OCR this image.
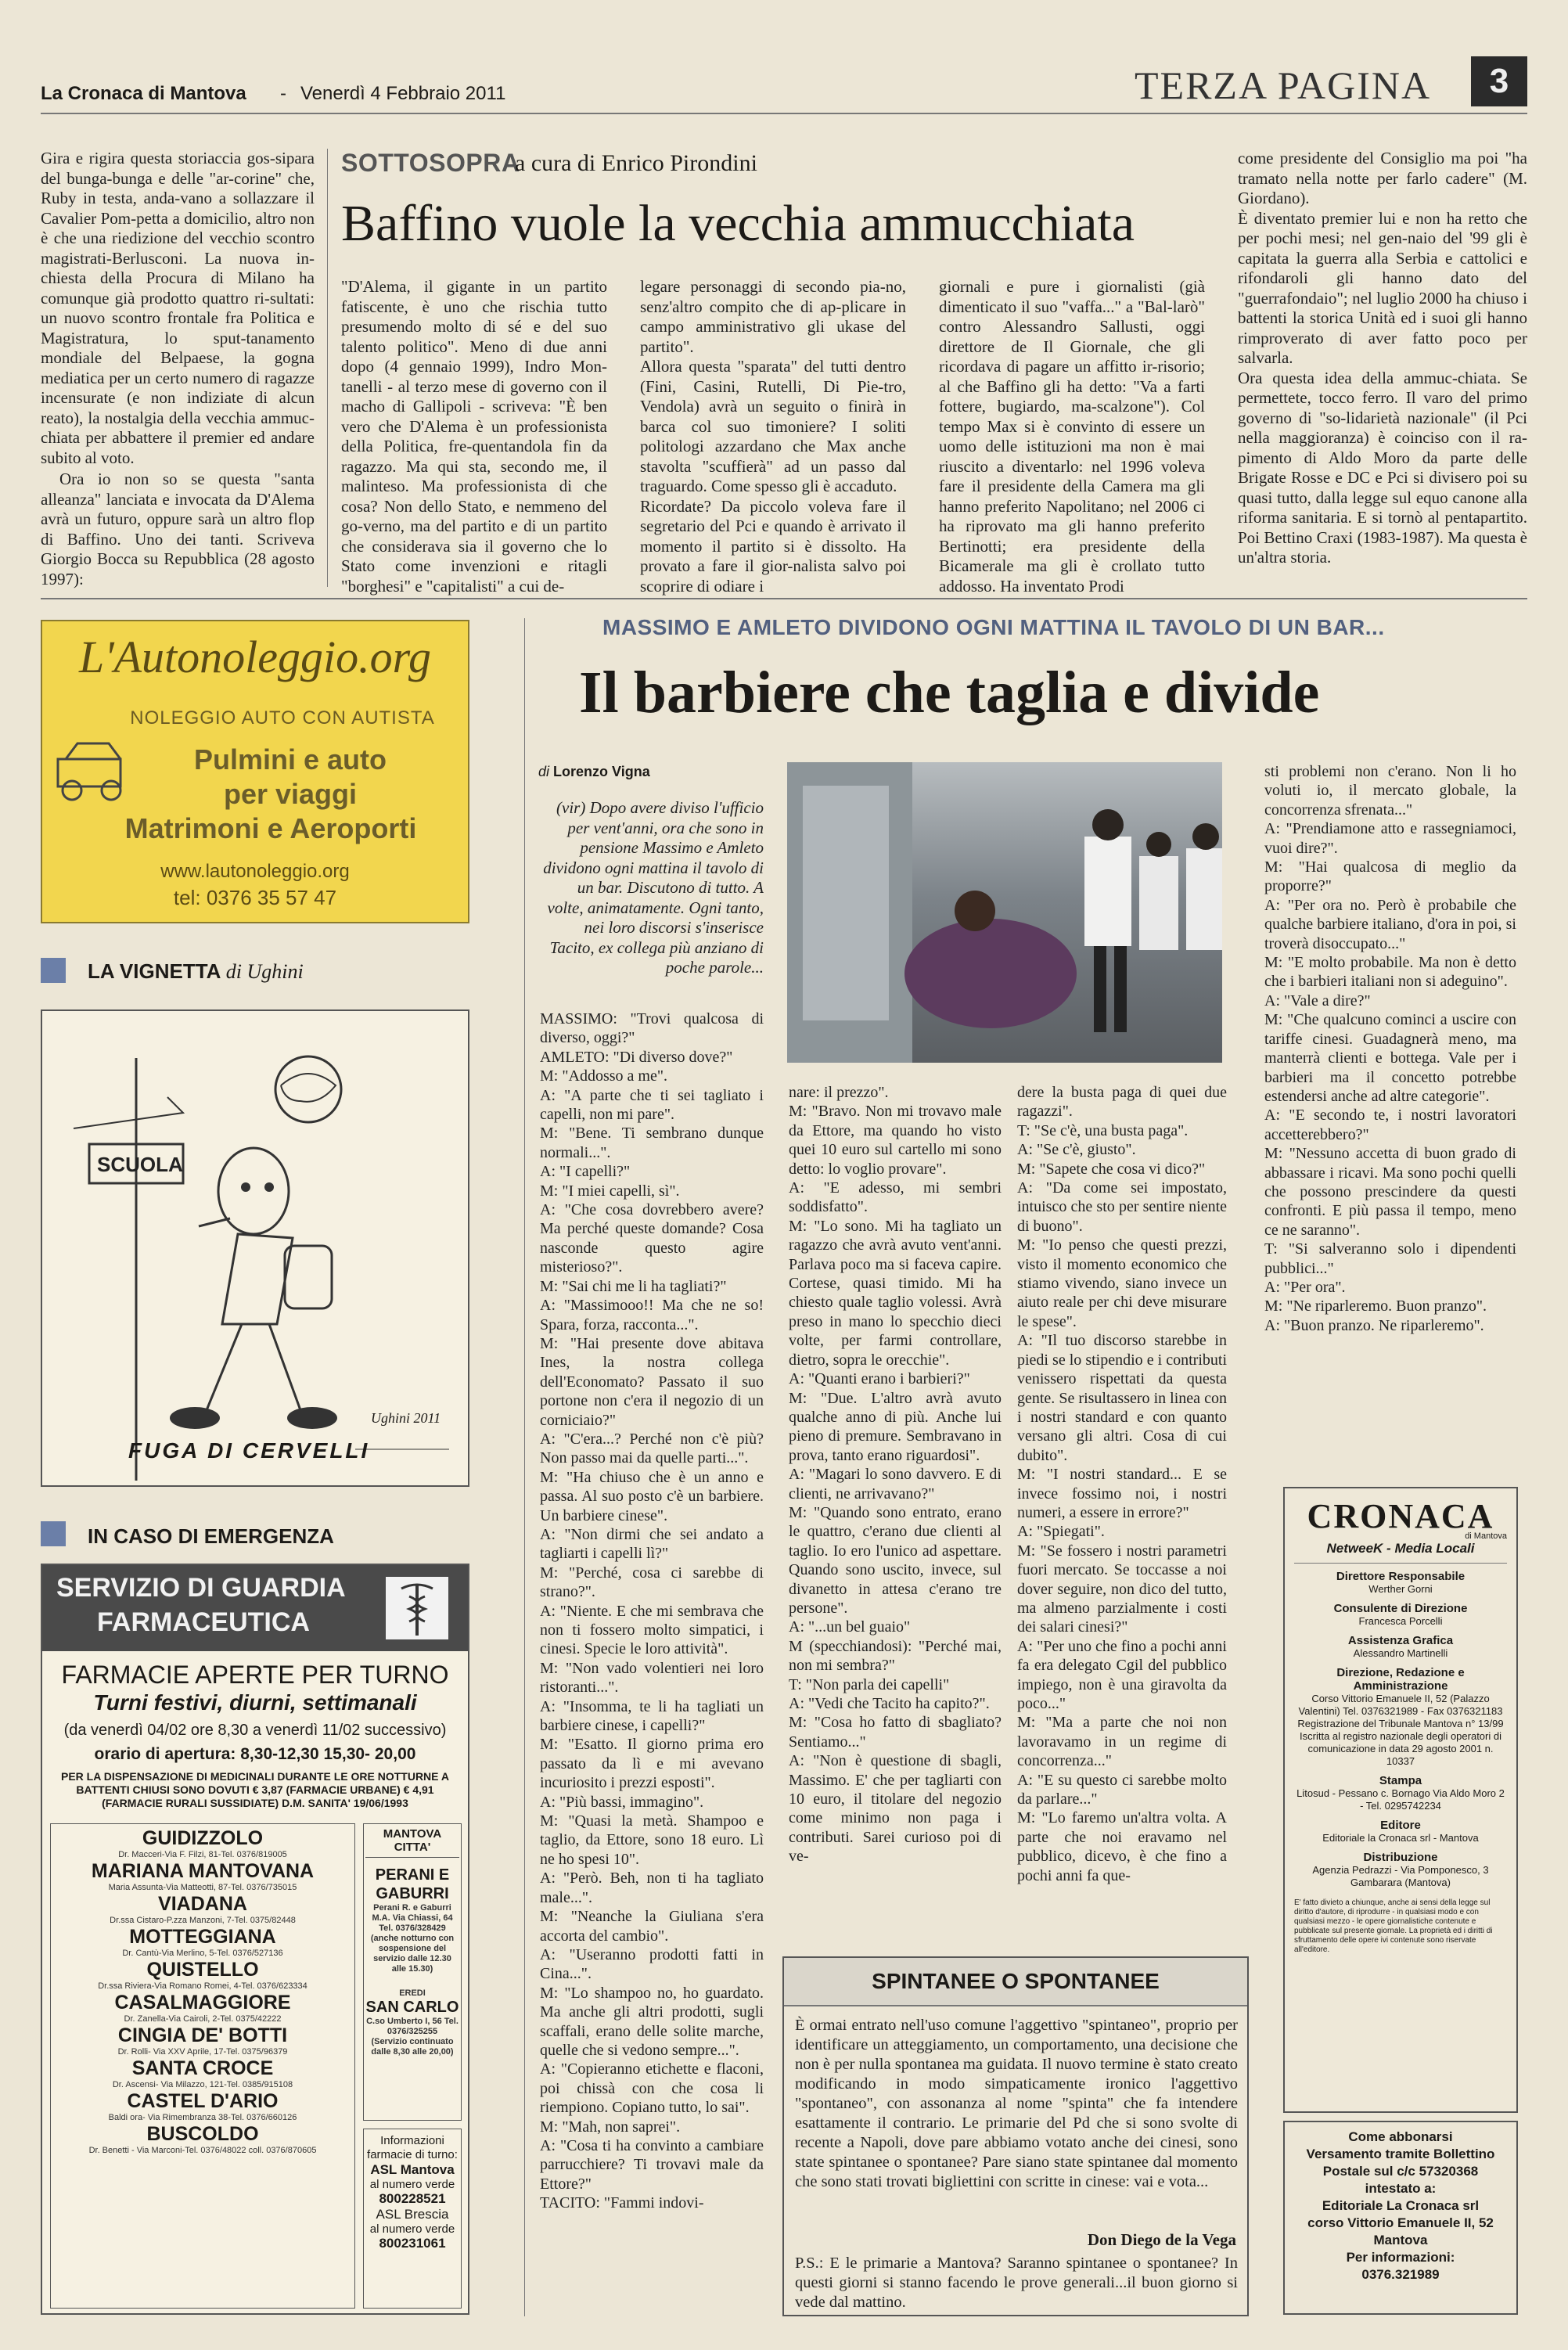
La Cronaca di Mantova - Venerdì 4 Febbraio 2011	TERZA PAGINA	3

Gira e rigira questa storiaccia gos-sipara del bunga-bunga e delle "ar-corine" che, Ruby in testa, anda-vano a sollazzare il Cavalier Pom-petta a domicilio, altro non è che una riedizione del vecchio scontro magistrati-Berlusconi. La nuova in-chiesta della Procura di Milano ha comunque già prodotto quattro ri-sultati: un nuovo scontro frontale fra Politica e Magistratura, lo sput-tanamento mondiale del Belpaese, la gogna mediatica per un certo numero di ragazze incensurate (e non indiziate di alcun reato), la nostalgia della vecchia ammuc-chiata per abbattere il premier ed andare subito al voto.

Ora io non so se questa "santa alleanza" lanciata e invocata da D'Alema avrà un futuro, oppure sarà un altro flop di Baffino. Uno dei tanti. Scriveva Giorgio Bocca su Repubblica (28 agosto 1997):

SOTTOSOPRA
a cura di Enrico Pirondini
Baffino vuole la vecchia ammucchiata
"D'Alema, il gigante in un partito fatiscente, è uno che rischia tutto presumendo molto di sé e del suo talento politico". Meno di due anni dopo (4 gennaio 1999), Indro Mon-tanelli - al terzo mese di governo con il macho di Gallipoli - scriveva: "È ben vero che D'Alema è un professionista della Politica, fre-quentandola fin da ragazzo. Ma qui sta, secondo me, il malinteso. Ma professionista di che cosa? Non dello Stato, e nemmeno del go-verno, ma del partito e di un partito che considerava sia il governo che lo Stato come invenzioni e ritagli "borghesi" e "capitalisti" a cui de-
legare personaggi di secondo pia-no, senz'altro compito che di ap-plicare in campo amministrativo gli ukase del partito".
Allora questa "sparata" del tutti dentro (Fini, Casini, Rutelli, Di Pie-tro, Vendola) avrà un seguito o finirà in barca col suo timoniere? I soliti politologi azzardano che Max anche stavolta "scuffierà" ad un passo dal traguardo. Come spesso gli è accaduto.
Ricordate? Da piccolo voleva fare il segretario del Pci e quando è arrivato il momento il partito si è dissolto. Ha provato a fare il gior-nalista salvo poi scoprire di odiare i
giornali e pure i giornalisti (già dimenticato il suo "vaffa..." a "Bal-larò" contro Alessandro Sallusti, oggi direttore de Il Giornale, che gli ricordava di pagare un affitto ir-risorio; al che Baffino gli ha detto: "Va a farti fottere, bugiardo, ma-scalzone"). Col tempo Max si è convinto di essere un uomo delle istituzioni ma non è mai riuscito a diventarlo: nel 1996 voleva fare il presidente della Camera ma gli hanno preferito Napolitano; nel 2006 ci ha riprovato ma gli hanno preferito Bertinotti; era presidente della Bicamerale ma gli è crollato tutto addosso. Ha inventato Prodi
come presidente del Consiglio ma poi "ha tramato nella notte per farlo cadere" (M. Giordano).
È diventato premier lui e non ha retto che per pochi mesi; nel gen-naio del '99 gli è capitata la guerra alla Serbia e cattolici e rifondaroli gli hanno dato del "guerrafondaio"; nel luglio 2000 ha chiuso i battenti la storica Unità ed i suoi gli hanno rimproverato di aver fatto poco per salvarla.
Ora questa idea della ammuc-chiata. Se permettete, tocco ferro. Il varo del primo governo di "so-lidarietà nazionale" (il Pci nella maggioranza) è coinciso con il ra-pimento di Aldo Moro da parte delle Brigate Rosse e DC e Pci si divisero poi su quasi tutto, dalla legge sul equo canone alla riforma sanitaria. E si tornò al pentapartito. Poi Bettino Craxi (1983-1987). Ma questa è un'altra storia.
L'Autonoleggio.org
NOLEGGIO AUTO CON AUTISTA
Pulmini e auto
per viaggi
Matrimoni e Aeroporti
www.lautonoleggio.org
tel: 0376 35 57 47
LA VIGNETTA di Ughini
SCUOLA
FUGA DI CERVELLI
Ughini 2011
IN CASO DI EMERGENZA
SERVIZIO DI GUARDIA
FARMACEUTICA
FARMACIE APERTE PER TURNO
Turni festivi, diurni, settimanali
(da venerdì 04/02 ore 8,30 a venerdì 11/02 successivo)
orario di apertura: 8,30-12,30 15,30- 20,00
PER LA DISPENSAZIONE DI MEDICINALI DURANTE LE ORE NOTTURNE A BATTENTI CHIUSI SONO DOVUTI € 3,87 (FARMACIE URBANE) € 4,91 (FARMACIE RURALI SUSSIDIATE) D.M. SANITA' 19/06/1993
GUIDIZZOLO
Dr. Macceri-Via F. Filzi, 81-Tel. 0376/819005
MARIANA MANTOVANA
Maria Assunta-Via Matteotti, 87-Tel. 0376/735015
VIADANA
Dr.ssa Cistaro-P.zza Manzoni, 7-Tel. 0375/82448
MOTTEGGIANA
Dr. Cantù-Via Merlino, 5-Tel. 0376/527136
QUISTELLO
Dr.ssa Riviera-Via Romano Romei, 4-Tel. 0376/623334
CASALMAGGIORE
Dr. Zanella-Via Cairoli, 2-Tel. 0375/42222
CINGIA DE' BOTTI
Dr. Rolli- Via XXV Aprile, 17-Tel. 0375/96379
SANTA CROCE
Dr. Ascensi- Via Milazzo, 121-Tel. 0385/915108
CASTEL D'ARIO
Baldi ora- Via Rimembranza 38-Tel. 0376/660126
BUSCOLDO
Dr. Benetti - Via Marconi-Tel. 0376/48022 coll. 0376/870605
MANTOVA CITTA'
PERANI E GABURRI
Perani R. e Gaburri M.A. Via Chiassi, 64 Tel. 0376/328429
(anche notturno con sospensione del servizio dalle 12.30 alle 15.30)
EREDI
SAN CARLO
C.so Umberto I, 56 Tel. 0376/325255
(Servizio continuato dalle 8,30 alle 20,00)
Informazioni farmacie di turno:
ASL Mantova
al numero verde
800228521
ASL Brescia
al numero verde
800231061
MASSIMO E AMLETO DIVIDONO OGNI MATTINA IL TAVOLO DI UN BAR...
Il barbiere che taglia e divide
di Lorenzo Vigna
(vir) Dopo avere diviso l'ufficio per vent'anni, ora che sono in pensione Massimo e Amleto dividono ogni mattina il tavolo di un bar. Discutono di tutto. A volte, animatamente. Ogni tanto, nei loro discorsi s'inserisce Tacito, ex collega più anziano di poche parole...
MASSIMO: "Trovi qualcosa di diverso, oggi?"
AMLETO: "Di diverso dove?"
M: "Addosso a me".
A: "A parte che ti sei tagliato i capelli, non mi pare".
M: "Bene. Ti sembrano dunque normali...".
A: "I capelli?"
M: "I miei capelli, sì".
A: "Che cosa dovrebbero avere? Ma perché queste domande? Cosa nasconde questo agire misterioso?".
M: "Sai chi me li ha tagliati?"
A: "Massimooo!! Ma che ne so! Spara, forza, racconta...".
M: "Hai presente dove abitava Ines, la nostra collega dell'Economato? Passato il suo portone non c'era il negozio di un corniciaio?"
A: "C'era...? Perché non c'è più? Non passo mai da quelle parti...".
M: "Ha chiuso che è un anno e passa. Al suo posto c'è un barbiere. Un barbiere cinese".
A: "Non dirmi che sei andato a tagliarti i capelli lì?"
M: "Perché, cosa ci sarebbe di strano?".
A: "Niente. E che mi sembrava che non ti fossero molto simpatici, i cinesi. Specie le loro attività".
M: "Non vado volentieri nei loro ristoranti...".
A: "Insomma, te li ha tagliati un barbiere cinese, i capelli?"
M: "Esatto. Il giorno prima ero passato da lì e mi avevano incuriosito i prezzi esposti".
A: "Più bassi, immagino".
M: "Quasi la metà. Shampoo e taglio, da Ettore, sono 18 euro. Lì ne ho spesi 10".
A: "Però. Beh, non ti ha tagliato male...".
M: "Neanche la Giuliana s'era accorta del cambio".
A: "Useranno prodotti fatti in Cina...".
M: "Lo shampoo no, ho guardato. Ma anche gli altri prodotti, sugli scaffali, erano delle solite marche, quelle che si vedono sempre...".
A: "Copieranno etichette e flaconi, poi chissà con che cosa li riempiono. Copiano tutto, lo sai".
M: "Mah, non saprei".
A: "Cosa ti ha convinto a cambiare parrucchiere? Ti trovavi male da Ettore?"
TACITO: "Fammi indovi-
nare: il prezzo".
M: "Bravo. Non mi trovavo male da Ettore, ma quando ho visto quei 10 euro sul cartello mi sono detto: lo voglio provare".
A: "E adesso, mi sembri soddisfatto".
M: "Lo sono. Mi ha tagliato un ragazzo che avrà avuto vent'anni. Parlava poco ma si faceva capire. Cortese, quasi timido. Mi ha chiesto quale taglio volessi. Avrà preso in mano lo specchio dieci volte, per farmi controllare, dietro, sopra le orecchie".
A: "Quanti erano i barbieri?"
M: "Due. L'altro avrà avuto qualche anno di più. Anche lui pieno di premure. Sembravano in prova, tanto erano riguardosi".
A: "Magari lo sono davvero. E di clienti, ne arrivavano?"
M: "Quando sono entrato, erano le quattro, c'erano due clienti al taglio. Io ero l'unico ad aspettare. Quando sono uscito, invece, sul divanetto in attesa c'erano tre persone".
A: "...un bel guaio"
M (specchiandosi): "Perché mai, non mi sembra?"
T: "Non parla dei capelli"
A: "Vedi che Tacito ha capito?".
M: "Cosa ho fatto di sbagliato? Sentiamo..."
A: "Non è questione di sbagli, Massimo. E' che per tagliarti con 10 euro, il titolare del negozio come minimo non paga i contributi. Sarei curioso poi di ve-
dere la busta paga di quei due ragazzi".
T: "Se c'è, una busta paga".
A: "Se c'è, giusto".
M: "Sapete che cosa vi dico?"
A: "Da come sei impostato, intuisco che sto per sentire niente di buono".
M: "Io penso che questi prezzi, visto il momento economico che stiamo vivendo, siano invece un aiuto reale per chi deve misurare le spese".
A: "Il tuo discorso starebbe in piedi se lo stipendio e i contributi venissero rispettati da questa gente. Se risultassero in linea con i nostri standard e con quanto versano gli altri. Cosa di cui dubito".
M: "I nostri standard... E se invece fossimo noi, i nostri numeri, a essere in errore?"
A: "Spiegati".
M: "Se fossero i nostri parametri fuori mercato. Se toccasse a noi dover seguire, non dico del tutto, ma almeno parzialmente i costi dei salari cinesi?"
A: "Per uno che fino a pochi anni fa era delegato Cgil del pubblico impiego, non è una giravolta da poco..."
M: "Ma a parte che noi non lavoravamo in un regime di concorrenza..."
A: "E su questo ci sarebbe molto da parlare..."
M: "Lo faremo un'altra volta. A parte che noi eravamo nel pubblico, dicevo, è che fino a pochi anni fa que-
sti problemi non c'erano. Non li ho voluti io, il mercato globale, la concorrenza sfrenata..."
A: "Prendiamone atto e rassegniamoci, vuoi dire?".
M: "Hai qualcosa di meglio da proporre?"
A: "Per ora no. Però è probabile che qualche barbiere italiano, d'ora in poi, si troverà disoccupato..."
M: "E molto probabile. Ma non è detto che i barbieri italiani non si adeguino".
A: "Vale a dire?"
M: "Che qualcuno cominci a uscire con tariffe cinesi. Guadagnerà meno, ma manterrà clienti e bottega. Vale per i barbieri ma il concetto potrebbe estendersi anche ad altre categorie".
A: "E secondo te, i nostri lavoratori accetterebbero?"
M: "Nessuno accetta di buon grado di abbassare i ricavi. Ma sono pochi quelli che possono prescindere da questi confronti. E più passa il tempo, meno ce ne saranno".
T: "Si salveranno solo i dipendenti pubblici..."
A: "Per ora".
M: "Ne riparleremo. Buon pranzo".
A: "Buon pranzo. Ne riparleremo".
SPINTANEE O SPONTANEE
È ormai entrato nell'uso comune l'aggettivo "spintaneo", proprio per identificare un atteggiamento, un comportamento, una decisione che non è per nulla spontanea ma guidata. Il nuovo termine è stato creato modificando in modo simpaticamente ironico l'aggettivo "spontaneo", con assonanza al nome "spinta" che fa intendere esattamente il contrario. Le primarie del Pd che si sono svolte di recente a Napoli, dove pare abbiamo votato anche dei cinesi, sono state spintanee o spontanee? Pare siano state spintanee dal momento che sono stati trovati bigliettini con scritte in cinese: vai e vota...
Don Diego de la Vega
P.S.: E le primarie a Mantova? Saranno spintanee o spontanee? In questi giorni si stanno facendo le prove generali...il buon giorno si vede dal mattino.
CRONACA
di Mantova
NetweeK - Media Locali
Direttore Responsabile
Werther Gorni
Consulente di Direzione
Francesca Porcelli
Assistenza Grafica
Alessandro Martinelli
Direzione, Redazione e Amministrazione
Corso Vittorio Emanuele II, 52 (Palazzo Valentini) Tel. 0376321989 - Fax 0376321183 Registrazione del Tribunale Mantova n° 13/99 Iscritta al registro nazionale degli operatori di comunicazione in data 29 agosto 2001 n. 10337
Stampa
Litosud - Pessano c. Bornago Via Aldo Moro 2 - Tel. 0295742234
Editore
Editoriale la Cronaca srl - Mantova
Distribuzione
Agenzia Pedrazzi - Via Pomponesco, 3 Gambarara (Mantova)
E' fatto divieto a chiunque, anche ai sensi della legge sul diritto d'autore, di riprodurre - in qualsiasi modo e con qualsiasi mezzo - le opere giornalistiche contenute e pubblicate sul presente giornale. La proprietà ed i diritti di sfruttamento delle opere ivi contenute sono riservate all'editore.
Come abbonarsi
Versamento tramite Bollettino
Postale sul c/c 57320368
intestato a:
Editoriale La Cronaca srl
corso Vittorio Emanuele II, 52
Mantova
Per informazioni:
0376.321989
